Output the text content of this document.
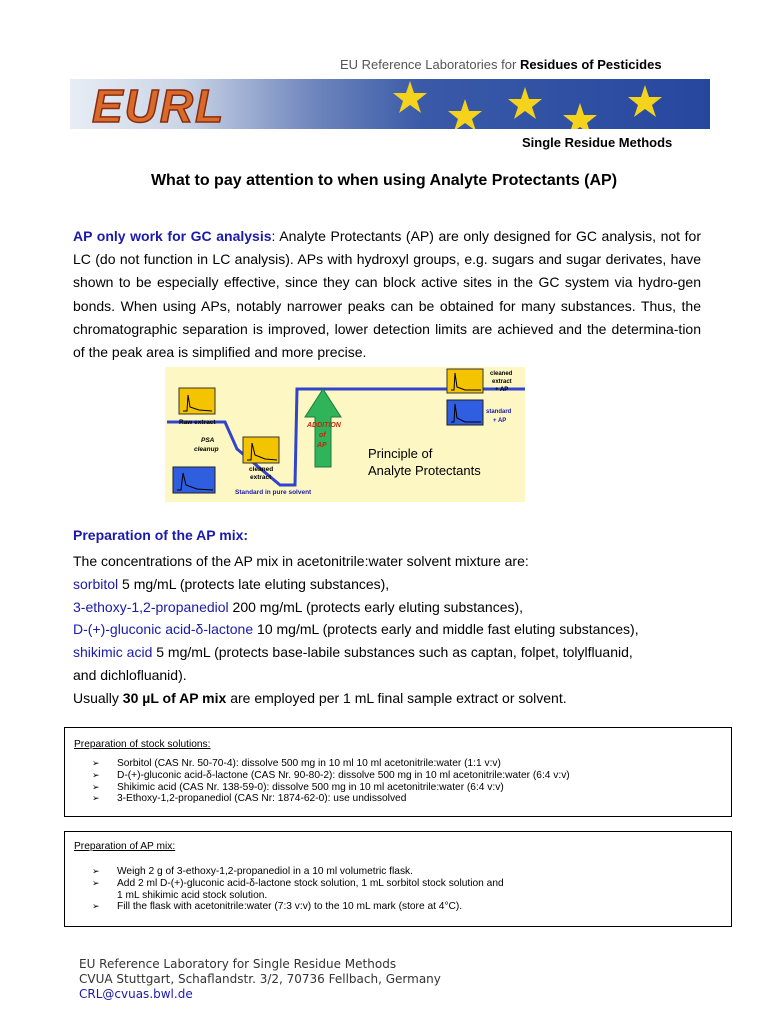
EU Reference Laboratories for Residues of Pesticides
EURL
Single Residue Methods
What to pay attention to when using Analyte Protectants (AP)
AP only work for GC analysis: Analyte Protectants (AP) are only designed for GC analysis, not for LC (do not function in LC analysis). APs with hydroxyl groups, e.g. sugars and sugar derivates, have shown to be especially effective, since they can block active sites in the GC system via hydro-gen bonds. When using APs, notably narrower peaks can be obtained for many substances. Thus, the chromatographic separation is improved, lower detection limits are achieved and the determina-tion of the peak area is simplified and more precise.
Raw extract
PSA
cleanup
cleaned
extract
Standard in pure solvent
ADDITION
of
AP
cleaned
extract
+ AP
standard
+ AP
Principle of
Analyte Protectants
Preparation of the AP mix:

The concentrations of the AP mix in acetonitrile:water solvent mixture are:

sorbitol 5 mg/mL (protects late eluting substances),

3-ethoxy-1,2-propanediol 200 mg/mL (protects early eluting substances),

D-(+)-gluconic acid-δ-lactone 10 mg/mL (protects early and middle fast eluting substances),

shikimic acid 5 mg/mL (protects base-labile substances such as captan, folpet, tolylfluanid,

and dichlofluanid).

Usually 30 µL of AP mix are employed per 1 mL final sample extract or solvent.

Preparation of stock solutions:
➢ Sorbitol (CAS Nr. 50-70-4): dissolve 500 mg in 10 ml 10 ml acetonitrile:water (1:1 v:v)
➢ D-(+)-gluconic acid-δ-lactone (CAS Nr. 90-80-2): dissolve 500 mg in 10 ml acetonitrile:water (6:4 v:v)
➢ Shikimic acid (CAS Nr. 138-59-0): dissolve 500 mg in 10 ml acetonitrile:water (6:4 v:v)
➢ 3-Ethoxy-1,2-propanediol (CAS Nr: 1874-62-0): use undissolved
Preparation of AP mix:
➢ Weigh 2 g of 3-ethoxy-1,2-propanediol in a 10 ml volumetric flask.
➢ Add 2 ml D-(+)-gluconic acid-δ-lactone stock solution, 1 mL sorbitol stock solution and
1 mL shikimic acid stock solution.
➢ Fill the flask with acetonitrile:water (7:3 v:v) to the 10 mL mark (store at 4°C).
EU Reference Laboratory for Single Residue Methods
CVUA Stuttgart, Schaflandstr. 3/2, 70736 Fellbach, Germany
CRL@cvuas.bwl.de
